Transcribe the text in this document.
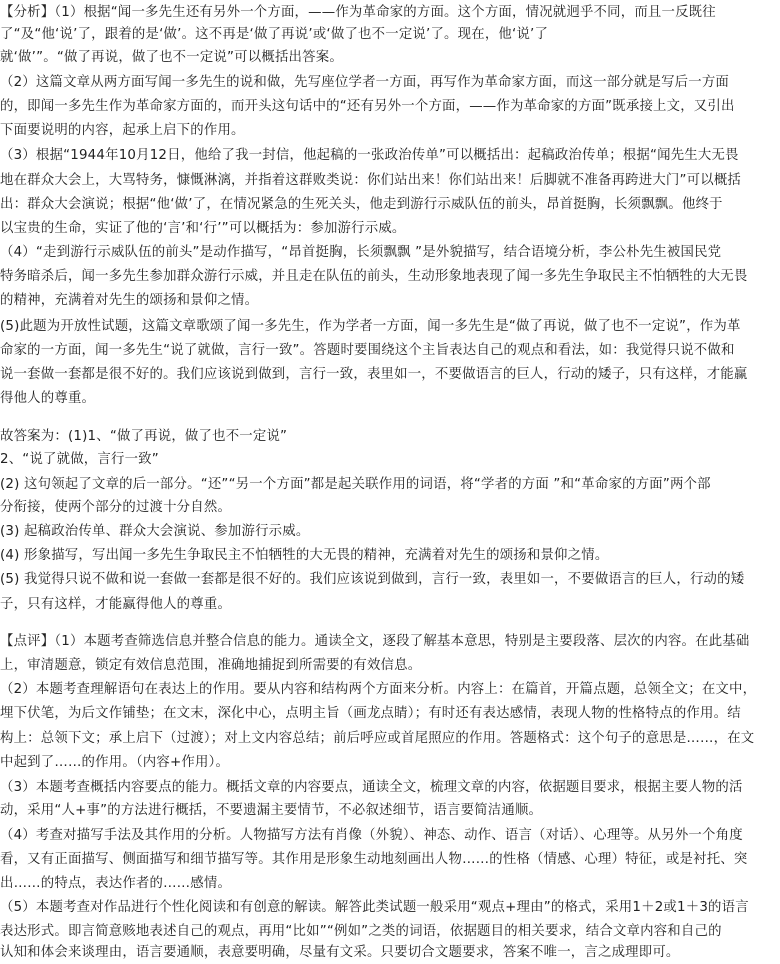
【分析】（1）根据“闻一多先生还有另外一个方面，——作为革命家的方面。这个方面，情况就迥乎不同，而且一反既往
了“及“他‘说’了，跟着的是‘做’。这不再是‘做了再说’或‘做了也不一定说’了。现在，他‘说’了
就‘做’”。“做了再说，做了也不一定说”可以概括出答案。
（2）这篇文章从两方面写闻一多先生的说和做，先写座位学者一方面，再写作为革命家方面，而这一部分就是写后一方面
的，即闻一多先生作为革命家方面的，而开头这句话中的“还有另外一个方面，——作为革命家的方面”既承接上文，又引出
下面要说明的内容，起承上启下的作用。
（3）根据“1944年10月12日，他给了我一封信，他起稿的一张政治传单”可以概括出：起稿政治传单；根据“闻先生大无畏
地在群众大会上，大骂特务，慷慨淋漓，并指着这群败类说：你们站出来！你们站出来！后脚就不准备再跨进大门”可以概括
出：群众大会演说；根据“他‘做’了，在情况紧急的生死关头，他走到游行示威队伍的前头，昂首挺胸，长须飘飘。他终于
以宝贵的生命，实证了他的‘言’和‘行’”可以概括为：参加游行示威。
（4）“走到游行示威队伍的前头”是动作描写，“昂首挺胸，长须飘飘 ”是外貌描写，结合语境分析，李公朴先生被国民党
特务暗杀后，闻一多先生参加群众游行示威，并且走在队伍的前头，生动形象地表现了闻一多先生争取民主不怕牺牲的大无畏
的精神，充满着对先生的颂扬和景仰之情。
(5)此题为开放性试题，这篇文章歌颂了闻一多先生，作为学者一方面，闻一多先生是“做了再说，做了也不一定说”，作为革
命家的一方面，闻一多先生“说了就做，言行一致”。答题时要围绕这个主旨表达自己的观点和看法，如：我觉得只说不做和
说一套做一套都是很不好的。我们应该说到做到，言行一致，表里如一，不要做语言的巨人，行动的矮子，只有这样，才能赢
得他人的尊重。
故答案为：(1)1、“做了再说，做了也不一定说”
2、“说了就做，言行一致”
(2) 这句领起了文章的后一部分。“还”“另一个方面”都是起关联作用的词语，将“学者的方面 ”和“革命家的方面”两个部
分衔接，使两个部分的过渡十分自然。
(3) 起稿政治传单、群众大会演说、参加游行示威。
(4) 形象描写，写出闻一多先生争取民主不怕牺牲的大无畏的精神，充满着对先生的颂扬和景仰之情。
(5) 我觉得只说不做和说一套做一套都是很不好的。我们应该说到做到，言行一致，表里如一，不要做语言的巨人，行动的矮
子，只有这样，才能赢得他人的尊重。
【点评】（1）本题考查筛选信息并整合信息的能力。通读全文，逐段了解基本意思，特别是主要段落、层次的内容。在此基础
上，审清题意，锁定有效信息范围，准确地捕捉到所需要的有效信息。
（2）本题考查理解语句在表达上的作用。要从内容和结构两个方面来分析。内容上：在篇首，开篇点题，总领全文；在文中，
埋下伏笔，为后文作铺垫；在文末，深化中心，点明主旨（画龙点睛）；有时还有表达感情，表现人物的性格特点的作用。结
构上：总领下文；承上启下（过渡）；对上文内容总结；前后呼应或首尾照应的作用。答题格式：这个句子的意思是……，在文
中起到了……的作用。（内容+作用）。
（3）本题考查概括内容要点的能力。概括文章的内容要点，通读全文，梳理文章的内容，依据题目要求，根据主要人物的活
动，采用“人+事”的方法进行概括，不要遗漏主要情节，不必叙述细节，语言要简洁通顺。
（4）考查对描写手法及其作用的分析。人物描写方法有肖像（外貌）、神态、动作、语言（对话）、心理等。从另外一个角度
看，又有正面描写、侧面描写和细节描写等。其作用是形象生动地刻画出人物……的性格（情感、心理）特征，或是衬托、突
出……的特点，表达作者的……感情。
（5）本题考查对作品进行个性化阅读和有创意的解读。解答此类试题一般采用“观点+理由”的格式，采用1＋2或1＋3的语言
表达形式。即言简意赅地表述自己的观点，再用“比如”“例如”之类的词语，依据题目的相关要求，结合文章内容和自己的
认知和体会来谈理由，语言要通顺，表意要明确，尽量有文采。只要切合文题要求，答案不唯一，言之成理即可。
